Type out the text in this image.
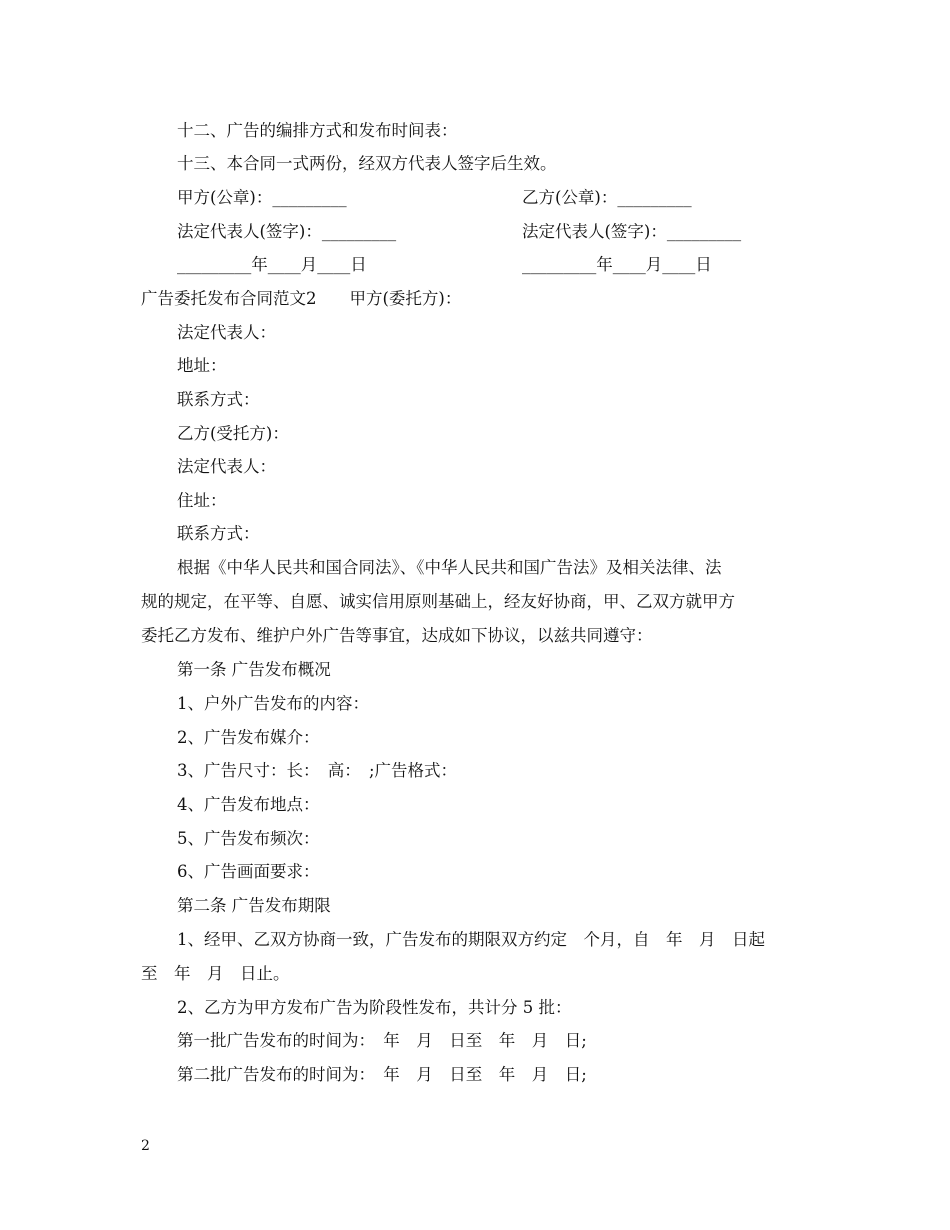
十二、广告的编排方式和发布时间表：
十三、本合同一式两份，经双方代表人签字后生效。
甲方(公章)：_________	乙方(公章)：_________
法定代表人(签字)：_________	法定代表人(签字)：_________
_________年____月____日	_________年____月____日
广告委托发布合同范文2　　甲方(委托方)：
法定代表人：
地址：
联系方式：
乙方(受托方)：
法定代表人：
住址：
联系方式：
根据《中华人民共和国合同法》、《中华人民共和国广告法》及相关法律、法
规的规定，在平等、自愿、诚实信用原则基础上，经友好协商，甲、乙双方就甲方
委托乙方发布、维护户外广告等事宜，达成如下协议，以兹共同遵守：
第一条 广告发布概况
1、户外广告发布的内容：
2、广告发布媒介：
3、广告尺寸：长：　高：　;广告格式：
4、广告发布地点：
5、广告发布频次：
6、广告画面要求：
第二条 广告发布期限
1、经甲、乙双方协商一致，广告发布的期限双方约定　个月，自　年　月　日起
至　年　月　日止。
2、乙方为甲方发布广告为阶段性发布，共计分 5 批：
第一批广告发布的时间为：　年　月　日至　年　月　日;
第二批广告发布的时间为：　年　月　日至　年　月　日;
2
